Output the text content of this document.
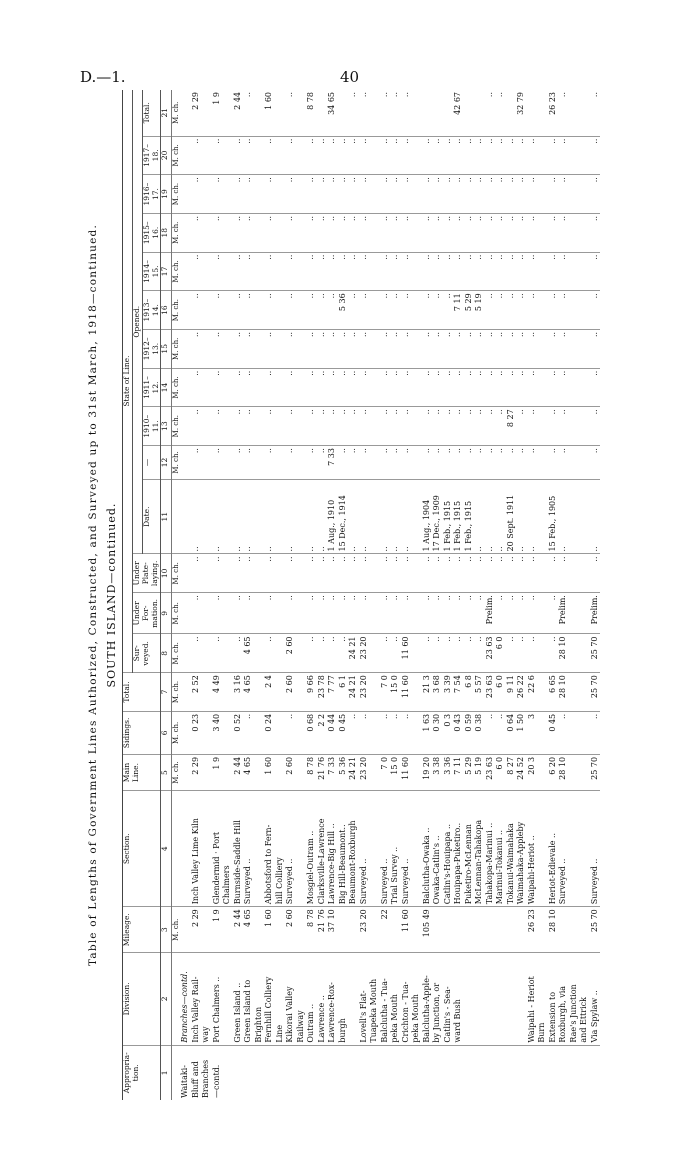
D.—1.	40
Table of Lengths of Government Lines Authorized, Constructed, and Surveyed up to 31st March, 1918—continued. SOUTH ISLAND—continued.
Appropria-tion.	Division.	Mileage.	Section.	Main Line.	Sidings.	Total.	State of Line.													
							Sur-veyed.	Under For-mation.	Under Plate-laying.	Opened.										
										Date.	—	1910–11.	1911–12.	1912–13.	1913–14.	1914–15.	1915–16.	1916–17.	1917–18.	Total.
1	2	3	4	5	6	7	8	9	10	11	12	13	14	15	16	17	18	19	20	21
		M. ch.		M. ch.	M. ch.	M. ch.	M. ch.	M. ch.	M. ch.		M. ch.	M. ch.	M. ch.	M. ch.	M. ch.	M. ch.	M. ch.	M. ch.	M. ch.	M. ch.
Waitaki-	Branches—contd.																			
Bluff and	Inch Valley Rail-	2 29	Inch Valley Lime Kiln	2 29	0 23	2 52	..	..	..	..	..	..	..	..	..	..	..	..	..	2 29
Branches	way																			
—contd.	Port Chalmers ..	1 9	Glendermid · Port	1 9	3 40	4 49	..	..	..	..	..	..	..	..	..	..	..	..	..	1 9
			Chalmers																	
	Green Island ..	2 44	Burnside-Saddle Hill	2 44	0 52	3 16	..	..	..	..	..	..	..	..	..	..	..	..	..	2 44
	Green Island to	4 65	Surveyed ..	4 65	..	4 65	4 65	..	..	..	..	..	..	..	..	..	..	..	..	..
	Brighton																			
	Fernhill Colliery	1 60	Abbotsford to Fern-	1 60	0 24	2 4	..	..	..	..	..	..	..	..	..	..	..	..	..	1 60
	Line		hill Colliery																	
	Kikorai Valley	2 60	Surveyed ..	2 60	..	2 60	2 60	..	..	..	..	..	..	..	..	..	..	..	..	..
	Railway																			
	Outram ..	8 78	Mosgiel-Outram ..	8 78	0 68	9 66	..	..	..	..	..	..	..	..	..	..	..	..	..	8 78
	Lawrence ..	21 76	Clarksville-Lawrence	21 76	2 2	23 78	..	..	..	..	..	..	..	..	..	..	..	..	..	
	Lawrence-Rox-	37 10	Lawrence-Big Hill ..	7 33	0 44	7 77	..	..	..	1 Aug., 1910	7 33	..	..	..	..	..	..	..	..	34 65
	burgh		Big Hill-Beaumont..	5 36	0 45	6 1	..	..	..	15 Dec., 1914	..	..	..	..	5 36	..	..	..	..	
			Beaumont-Roxburgh	24 21	..	24 21	24 21	..	..	..	..	..	..	..	..	..	..	..	..	..
	Lovell's Flat-	23 20	Surveyed ..	23 20	..	23 20	23 20	..	..	..	..	..	..	..	..	..	..	..	..	..
	Tuapeka Mouth																			
	Balclutha - Tua-	22	Surveyed ..	7 0	..	7 0	..	..	..	..	..	..	..	..	..	..	..	..	..	..
	peka Mouth		Trial Survey ..	15 0	..	15 0	..	..	..	..	..	..	..	..	..	..	..	..	..	..
	Crichton - Tua-	11 60	Surveyed ..	11 60	..	11 60	11 60	..	..	..	..	..	..	..	..	..	..	..	..	..
	peka Mouth																			
	Balclutha-Apple-	105 49	Balclutha-Owaka ..	19 20	1 63	21 3	..	..	..	1 Aug., 1904	..	..	..	..	..	..	..	..	..	
	by Junction, or		Owaka-Catlin's ..	3 38	0 30	3 68	..	..	..	17 Dec., 1909	..	..	..	..	..	..	..	..	..	
	Catlin's - Sea-		Catlin's-Houipapa ..	3 36	0 3	3 39	..	..	..	1 Feb., 1915	..	..	..	..	..	..	..	..	..	
	ward Bush		Houipapa-Puketiro..	7 11	0 43	7 54	..	..	..	1 Feb., 1915	..	..	..	..	7 11	..	..	..	..	42 67
			Puketiro-McLennan	5 29	0 59	6 8	..	..	..	1 Feb., 1915	..	..	..	..	5 29	..	..	..	..	
			McLennan-Tahakopa	5 19	0 38	5 57	..	..	..	..	..	..	..	..	5 19	..	..	..	..	
			Tahakopa-Marinui ..	23 63	..	23 63	23 63	Prelim.	..	..	..	..	..	..	..	..	..	..	..	..
			Marinui-Tokanui ..	6 0	..	6 0	6 0	..	..	..	..	..	..	..	..	..	..	..	..	..
			Tokanui-Waimahaka	8 27	0 64	9 11	..	..	..	20 Sept. 1911	..	8 27	..	..	..	..	..	..	..	
			Waimahaka-Appleby	24 52	1 50	26 22	..	..	..	..	..	..	..	..	..	..	..	..	..	32 79
	Waipahi - Heriot	26 23	Waipahi-Heriot ..	20 3	3	22 6	..	..	..	..	..	..	..	..	..	..	..	..	..	
	Burn																			
	Extension to	28 10	Heriot-Edievale ..	6 20	0 45	6 65	..	..	..	15 Feb., 1905	..	..	..	..	..	..	..	..	..	26 23
	Roxburgh, via		Surveyed ..	28 10	..	28 10	28 10	Prelim.	..	..	..	..	..	..	..	..	..	..	..	..
	Rae's Junction																			
	and Ettrick																			
	Via Spylaw ..	25 70	Surveyed ..	25 70	..	25 70	25 70	Prelim.	..	..	..	..	..	..	..	..	..	..	..	..
